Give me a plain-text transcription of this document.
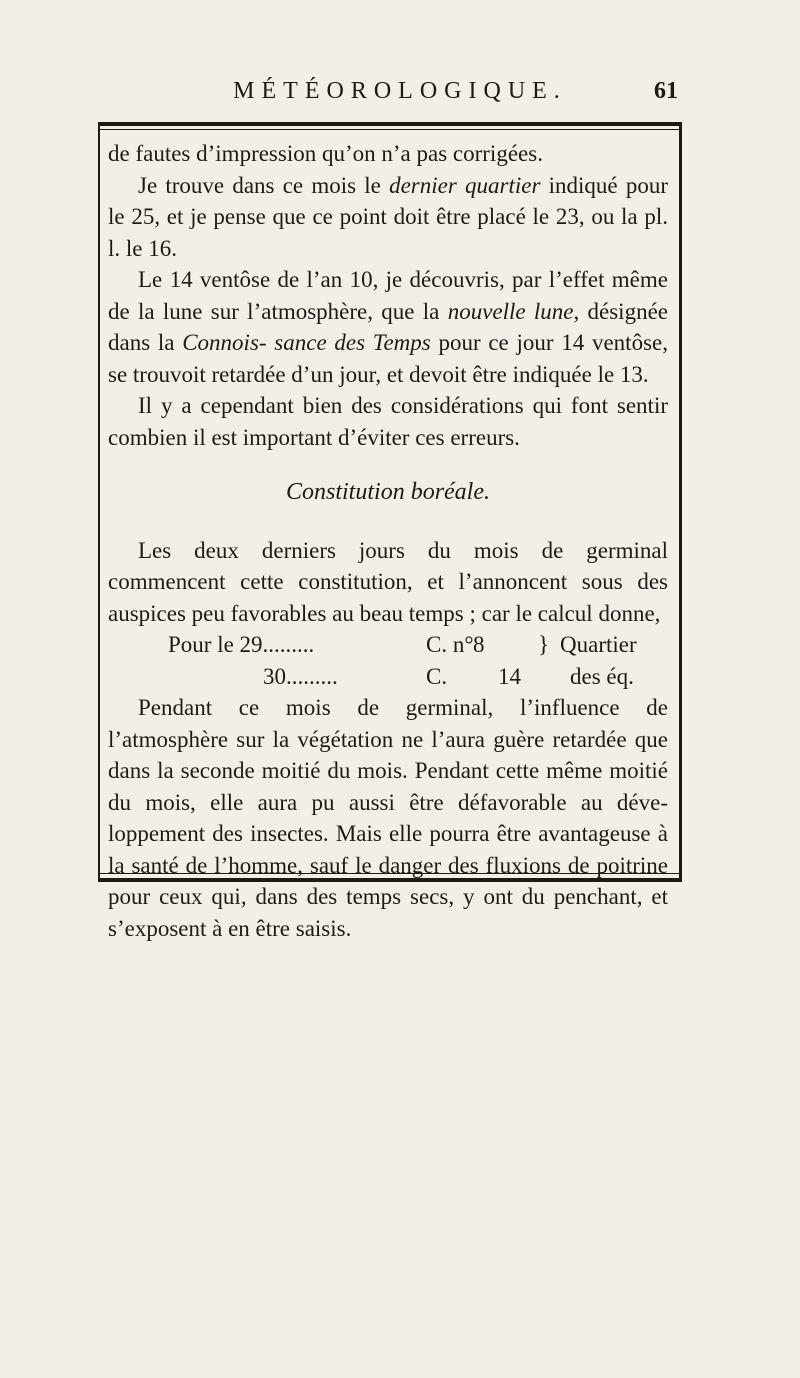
MÉTÉOROLOGIQUE.	61

de fautes d’impression qu’on n’a pas corrigées.

Je trouve dans ce mois le dernier quartier indiqué pour le 25, et je pense que ce point doit être placé le 23, ou la pl. l. le 16.

Le 14 ventôse de l’an 10, je découvris, par l’effet même de la lune sur l’atmosphère, que la nouvelle lune, désignée dans la Connois- sance des Temps pour ce jour 14 ventôse, se trouvoit retardée d’un jour, et devoit être indiquée le 13.

Il y a cependant bien des considérations qui font sentir combien il est important d’éviter ces erreurs.

Constitution boréale.

Les deux derniers jours du mois de germinal commencent cette constitution, et l’annoncent sous des auspices peu favorables au beau temps ; car le calcul donne,

Pour le 29.........	C. n° 8 } Quartier
30.........	C. 14 des éq.

Pendant ce mois de germinal, l’influence de l’atmosphère sur la végétation ne l’aura guère retardée que dans la seconde moitié du mois. Pendant cette même moitié du mois, elle aura pu aussi être défavorable au déve- loppement des insectes. Mais elle pourra être avantageuse à la santé de l’homme, sauf le danger des fluxions de poitrine pour ceux qui, dans des temps secs, y ont du penchant, et s’exposent à en être saisis.
